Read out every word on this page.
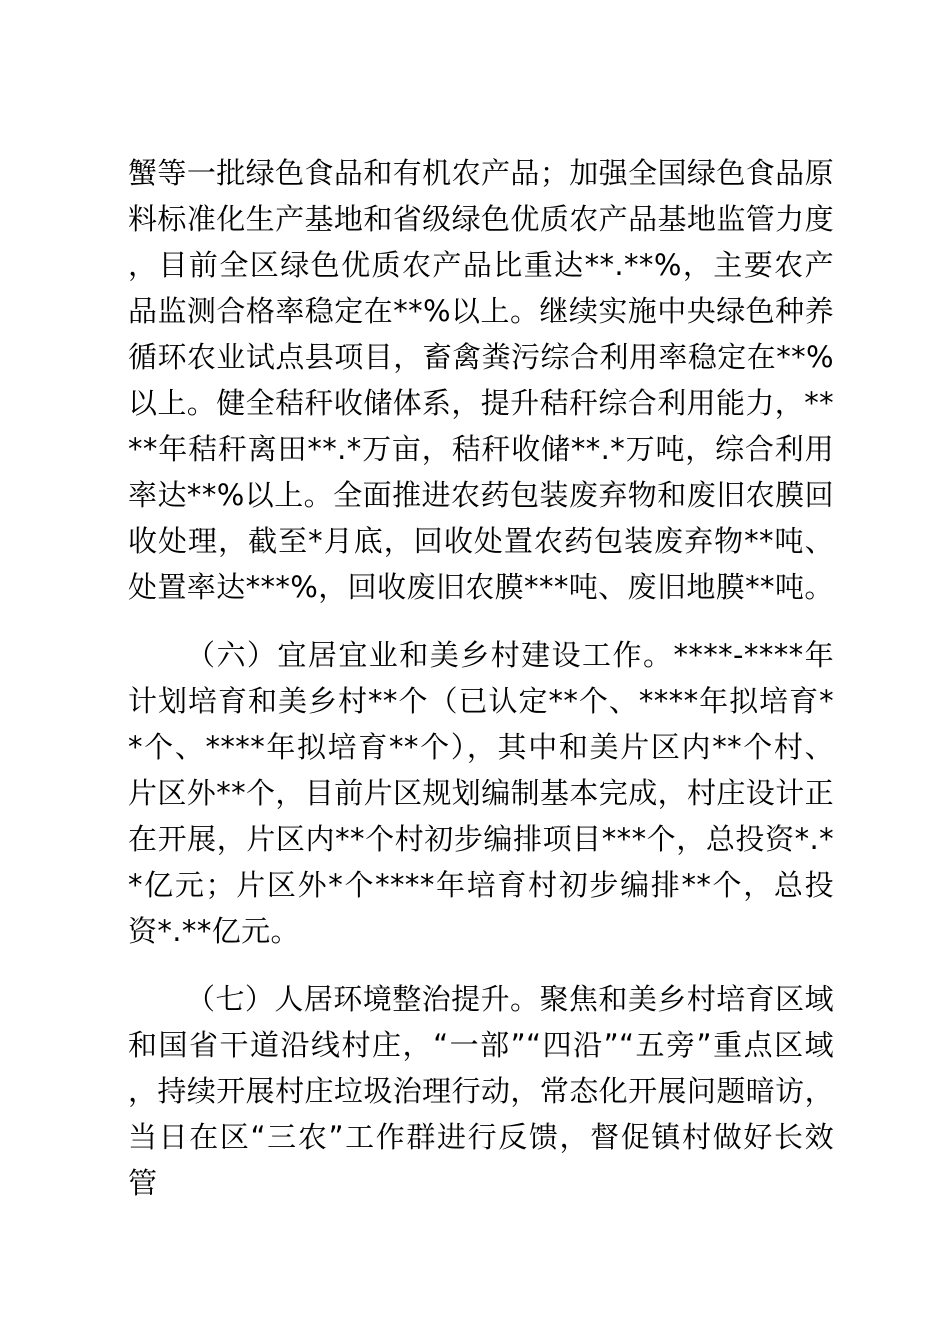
蟹等一批绿色食品和有机农产品；加强全国绿色食品原料标准化生产基地和省级绿色优质农产品基地监管力度，目前全区绿色优质农产品比重达**.**%，主要农产品监测合格率稳定在**%以上。继续实施中央绿色种养循环农业试点县项目，畜禽粪污综合利用率稳定在**%以上。健全秸秆收储体系，提升秸秆综合利用能力，****年秸秆离田**.*万亩，秸秆收储**.*万吨，综合利用率达**%以上。全面推进农药包装废弃物和废旧农膜回收处理，截至*月底，回收处置农药包装废弃物**吨、处置率达***%，回收废旧农膜***吨、废旧地膜**吨。

（六）宜居宜业和美乡村建设工作。****-****年计划培育和美乡村**个（已认定**个、****年拟培育**个、****年拟培育**个），其中和美片区内**个村、片区外**个，目前片区规划编制基本完成，村庄设计正在开展，片区内**个村初步编排项目***个，总投资*.**亿元；片区外*个****年培育村初步编排**个，总投资*.**亿元。

（七）人居环境整治提升。聚焦和美乡村培育区域和国省干道沿线村庄，“一部”“四沿”“五旁”重点区域，持续开展村庄垃圾治理行动，常态化开展问题暗访，当日在区“三农”工作群进行反馈，督促镇村做好长效管
